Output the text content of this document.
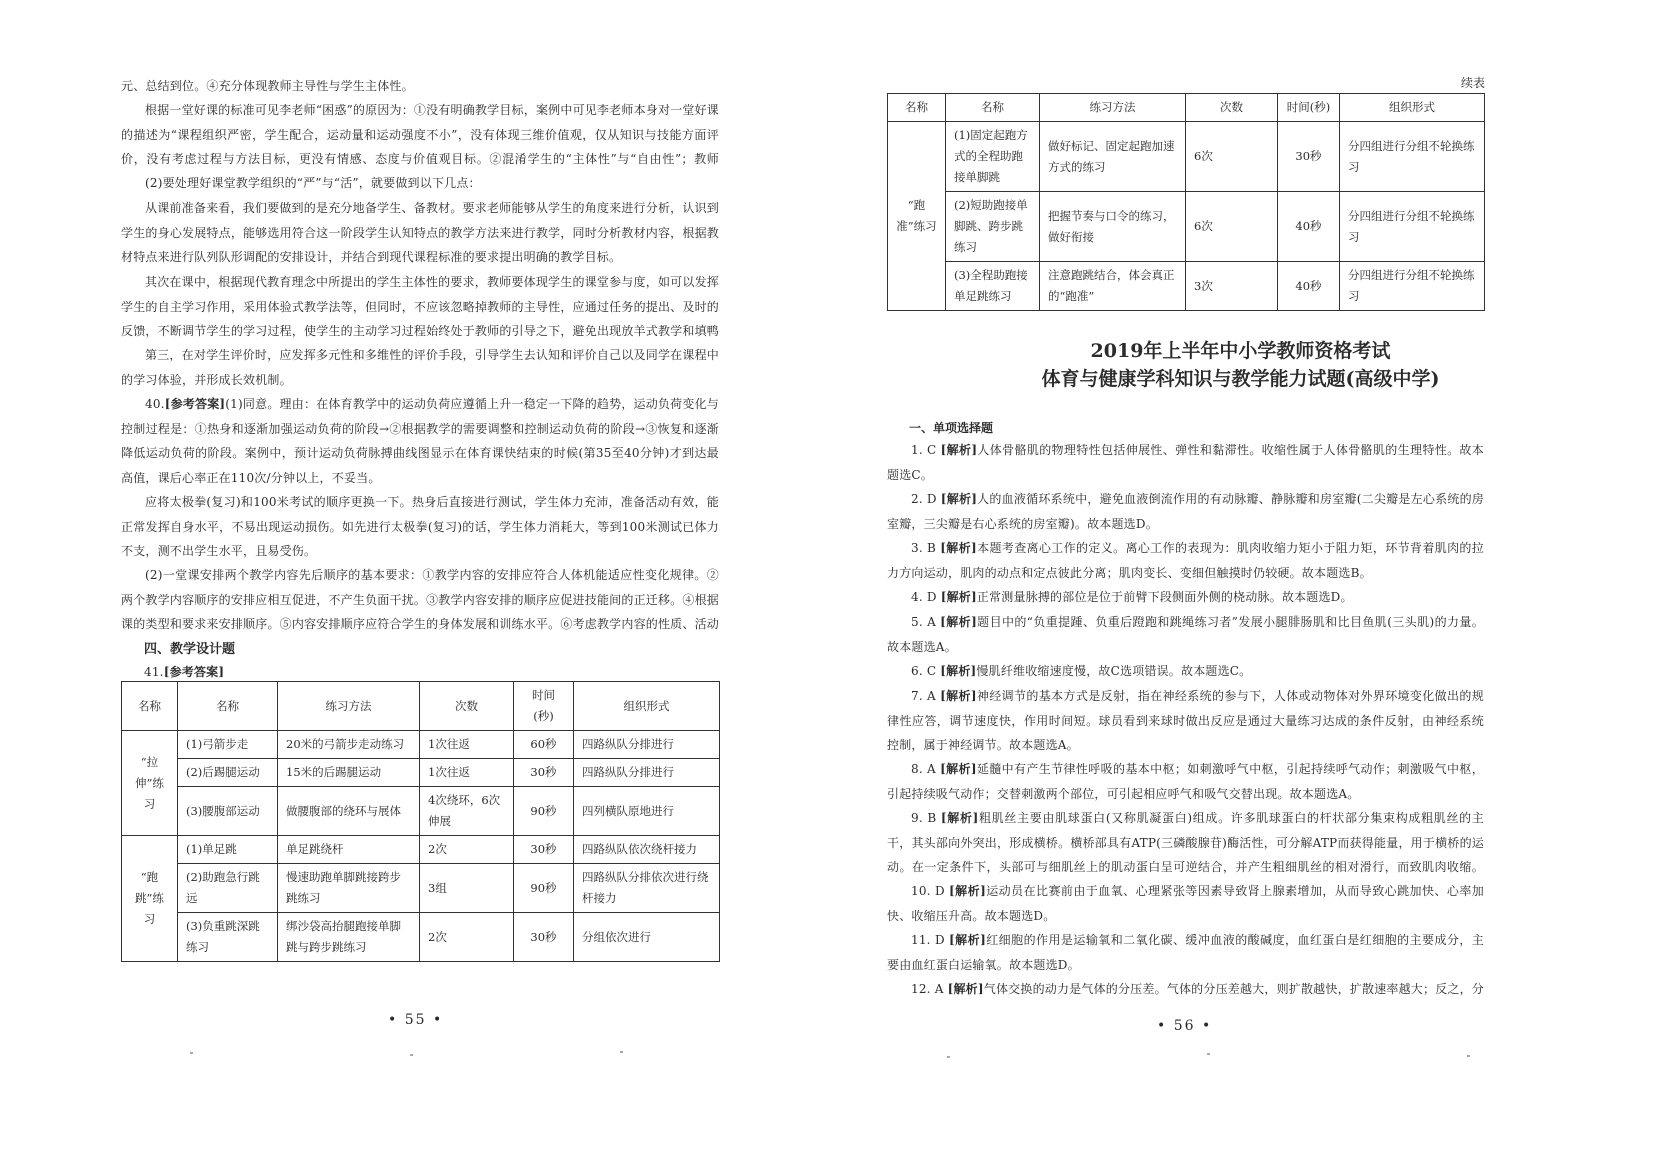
元、总结到位。④充分体现教师主导性与学生主体性。

根据一堂好课的标准可见李老师“困惑”的原因为：①没有明确教学目标，案例中可见李老师本身对一堂好课的描述为“课程组织严密，学生配合，运动量和运动强度不小”，没有体现三维价值观，仅从知识与技能方面评价，没有考虑过程与方法目标，更没有情感、态度与价值观目标。②混淆学生的“主体性”与“自由性”；教师

(2)要处理好课堂教学组织的“严”与“活”，就要做到以下几点：

从课前准备来看，我们要做到的是充分地备学生、备教材。要求老师能够从学生的角度来进行分析，认识到学生的身心发展特点，能够选用符合这一阶段学生认知特点的教学方法来进行教学，同时分析教材内容，根据教材特点来进行队列队形调配的安排设计，并结合到现代课程标准的要求提出明确的教学目标。

其次在课中，根据现代教育理念中所提出的学生主体性的要求，教师要体现学生的课堂参与度，如可以发挥学生的自主学习作用，采用体验式教学法等，但同时，不应该忽略掉教师的主导性，应通过任务的提出、及时的反馈，不断调节学生的学习过程，使学生的主动学习过程始终处于教师的引导之下，避免出现放羊式教学和填鸭

第三，在对学生评价时，应发挥多元性和多维性的评价手段，引导学生去认知和评价自己以及同学在课程中的学习体验，并形成长效机制。

40.[参考答案](1)同意。理由：在体育教学中的运动负荷应遵循上升一稳定一下降的趋势，运动负荷变化与控制过程是：①热身和逐渐加强运动负荷的阶段→②根据教学的需要调整和控制运动负荷的阶段→③恢复和逐渐降低运动负荷的阶段。案例中，预计运动负荷脉搏曲线图显示在体育课快结束的时候(第35至40分钟)才到达最高值，课后心率正在110次/分钟以上，不妥当。

应将太极拳(复习)和100米考试的顺序更换一下。热身后直接进行测试，学生体力充沛，准备活动有效，能正常发挥自身水平，不易出现运动损伤。如先进行太极拳(复习)的话，学生体力消耗大，等到100米测试已体力不支，测不出学生水平，且易受伤。

(2)一堂课安排两个教学内容先后顺序的基本要求：①教学内容的安排应符合人体机能适应性变化规律。②两个教学内容顺序的安排应相互促进，不产生负面干扰。③教学内容安排的顺序应促进技能间的正迁移。④根据课的类型和要求来安排顺序。⑤内容安排顺序应符合学生的身体发展和训练水平。⑥考虑教学内容的性质、活动

四、教学设计题

41.[参考答案]

名称	名称	练习方法	次数	时间(秒)	组织形式
“拉伸”练习	(1)弓箭步走	20米的弓箭步走动练习	1次往返	60秒	四路纵队分排进行
	(2)后踢腿运动	15米的后踢腿运动	1次往返	30秒	四路纵队分排进行
	(3)腰腹部运动	做腰腹部的绕环与展体	4次绕环，6次伸展	90秒	四列横队原地进行
“跑跳”练习	(1)单足跳	单足跳绕杆	2次	30秒	四路纵队依次绕杆接力
	(2)助跑急行跳远	慢速助跑单脚跳接跨步跳练习	3组	90秒	四路纵队分排依次进行绕杆接力
	(3)负重跳深跳练习	绑沙袋高抬腿跑接单脚跳与跨步跳练习	2次	30秒	分组依次进行
• 55 •
续表
名称	名称	练习方法	次数	时间(秒)	组织形式
“跑准”练习	(1)固定起跑方式的全程助跑接单脚跳	做好标记、固定起跑加速方式的练习	6次	30秒	分四组进行分组不轮换练习
	(2)短助跑接单脚跳、跨步跳练习	把握节奏与口令的练习，做好衔接	6次	40秒	分四组进行分组不轮换练习
	(3)全程助跑接单足跳练习	注意跑跳结合，体会真正的“跑准”	3次	40秒	分四组进行分组不轮换练习
2019年上半年中小学教师资格考试
体育与健康学科知识与教学能力试题(高级中学)

一、单项选择题

1. C [解析]人体骨骼肌的物理特性包括伸展性、弹性和黏滞性。收缩性属于人体骨骼肌的生理特性。故本题选C。

2. D [解析]人的血液循环系统中，避免血液倒流作用的有动脉瓣、静脉瓣和房室瓣(二尖瓣是左心系统的房室瓣，三尖瓣是右心系统的房室瓣)。故本题选D。

3. B [解析]本题考查离心工作的定义。离心工作的表现为：肌肉收缩力矩小于阻力矩，环节背着肌肉的拉力方向运动，肌肉的动点和定点彼此分离；肌肉变长、变细但触摸时仍较硬。故本题选B。

4. D [解析]正常测量脉搏的部位是位于前臂下段侧面外侧的桡动脉。故本题选D。

5. A [解析]题目中的“负重提踵、负重后蹬跑和跳绳练习者”发展小腿腓肠肌和比目鱼肌(三头肌)的力量。故本题选A。

6. C [解析]慢肌纤维收缩速度慢，故C选项错误。故本题选C。

7. A [解析]神经调节的基本方式是反射，指在神经系统的参与下，人体或动物体对外界环境变化做出的规律性应答，调节速度快，作用时间短。球员看到来球时做出反应是通过大量练习达成的条件反射，由神经系统控制，属于神经调节。故本题选A。

8. A [解析]延髓中有产生节律性呼吸的基本中枢；如刺激呼气中枢，引起持续呼气动作；刺激吸气中枢，引起持续吸气动作；交替刺激两个部位，可引起相应呼气和吸气交替出现。故本题选A。

9. B [解析]粗肌丝主要由肌球蛋白(又称肌凝蛋白)组成。许多肌球蛋白的杆状部分集束构成粗肌丝的主干，其头部向外突出，形成横桥。横桥部具有ATP(三磷酸腺苷)酶活性，可分解ATP而获得能量，用于横桥的运动。在一定条件下，头部可与细肌丝上的肌动蛋白呈可逆结合，并产生粗细肌丝的相对滑行，而致肌肉收缩。

10. D [解析]运动员在比赛前由于血氧、心理紧张等因素导致肾上腺素增加，从而导致心跳加快、心率加快、收缩压升高。故本题选D。

11. D [解析]红细胞的作用是运输氧和二氧化碳、缓冲血液的酸碱度，血红蛋白是红细胞的主要成分，主要由血红蛋白运输氧。故本题选D。

12. A [解析]气体交换的动力是气体的分压差。气体的分压差越大，则扩散越快，扩散速率越大；反之，分

• 56 •
